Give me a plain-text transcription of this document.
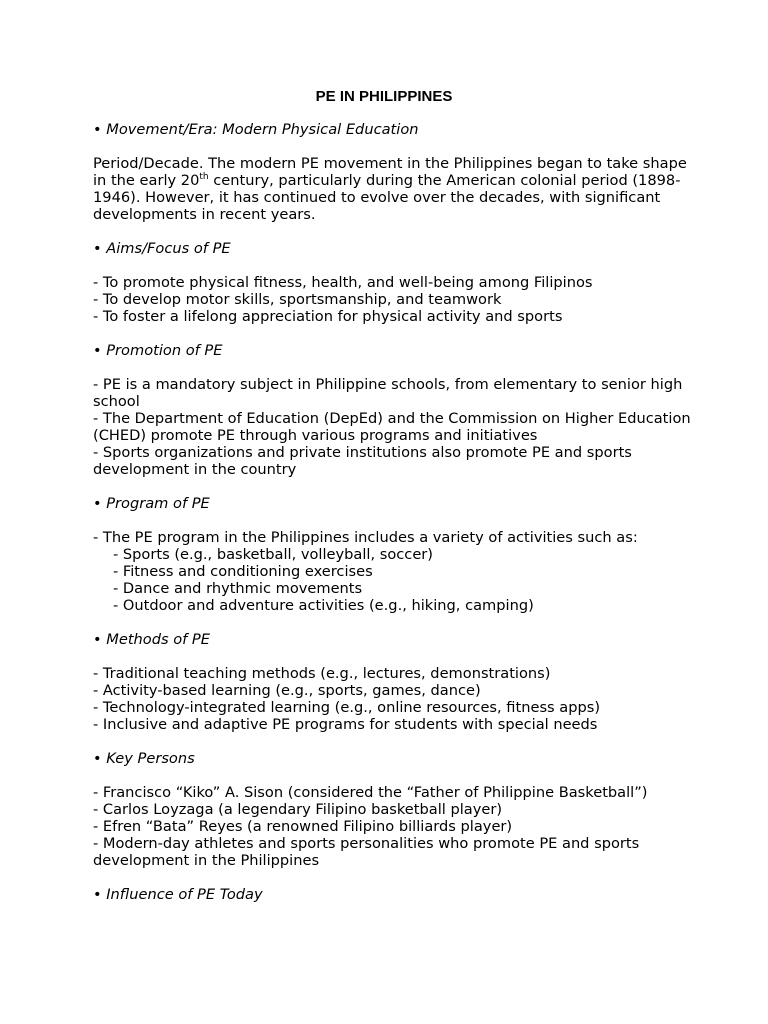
PE IN PHILIPPINES
• Movement/Era: Modern Physical Education

Period/Decade. The modern PE movement in the Philippines began to take shape in the early 20th century, particularly during the American colonial period (1898-1946). However, it has continued to evolve over the decades, with significant developments in recent years.

• Aims/Focus of PE

- To promote physical fitness, health, and well-being among Filipinos

- To develop motor skills, sportsmanship, and teamwork

- To foster a lifelong appreciation for physical activity and sports

• Promotion of PE

- PE is a mandatory subject in Philippine schools, from elementary to senior high school

- The Department of Education (DepEd) and the Commission on Higher Education (CHED) promote PE through various programs and initiatives

- Sports organizations and private institutions also promote PE and sports development in the country

• Program of PE

- The PE program in the Philippines includes a variety of activities such as:

- Sports (e.g., basketball, volleyball, soccer)

- Fitness and conditioning exercises

- Dance and rhythmic movements

- Outdoor and adventure activities (e.g., hiking, camping)

• Methods of PE

- Traditional teaching methods (e.g., lectures, demonstrations)

- Activity-based learning (e.g., sports, games, dance)

- Technology-integrated learning (e.g., online resources, fitness apps)

- Inclusive and adaptive PE programs for students with special needs

• Key Persons

- Francisco “Kiko” A. Sison (considered the “Father of Philippine Basketball”)

- Carlos Loyzaga (a legendary Filipino basketball player)

- Efren “Bata” Reyes (a renowned Filipino billiards player)

- Modern-day athletes and sports personalities who promote PE and sports development in the Philippines

• Influence of PE Today
